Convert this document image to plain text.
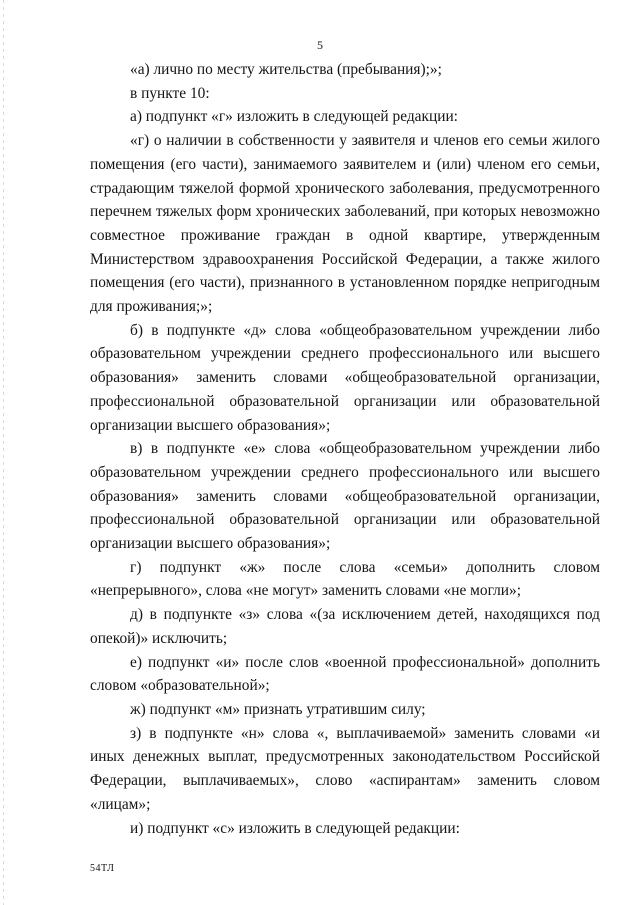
5

«а) лично по месту жительства (пребывания);»;

в пункте 10:

а) подпункт «г» изложить в следующей редакции:

«г) о наличии в собственности у заявителя и членов его семьи жилого помещения (его части), занимаемого заявителем и (или) членом его семьи, страдающим тяжелой формой хронического заболевания, предусмотренного перечнем тяжелых форм хронических заболеваний, при которых невозможно совместное проживание граждан в одной квартире, утвержденным Министерством здравоохранения Российской Федерации, а также жилого помещения (его части), признанного в установленном порядке непригодным для проживания;»;

б) в подпункте «д» слова «общеобразовательном учреждении либо образовательном учреждении среднего профессионального или высшего образования» заменить словами «общеобразовательной организации, профессиональной образовательной организации или образовательной организации высшего образования»;

в) в подпункте «е» слова «общеобразовательном учреждении либо образовательном учреждении среднего профессионального или высшего образования» заменить словами «общеобразовательной организации, профессиональной образовательной организации или образовательной организации высшего образования»;

г) подпункт «ж» после слова «семьи» дополнить словом «непрерывного», слова «не могут» заменить словами «не могли»;

д) в подпункте «з» слова «(за исключением детей, находящихся под опекой)» исключить;

е) подпункт «и» после слов «военной профессиональной» дополнить словом «образовательной»;

ж) подпункт «м» признать утратившим силу;

з) в подпункте «н» слова «, выплачиваемой» заменить словами «и иных денежных выплат, предусмотренных законодательством Российской Федерации, выплачиваемых», слово «аспирантам» заменить словом «лицам»;

и) подпункт «с» изложить в следующей редакции:

54ТЛ
